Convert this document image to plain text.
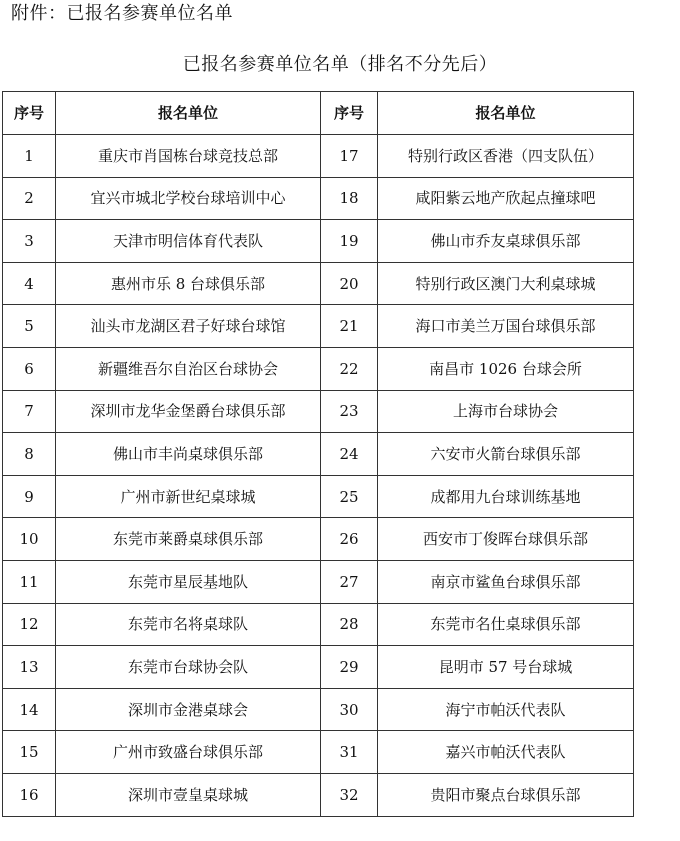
附件：已报名参赛单位名单
已报名参赛单位名单（排名不分先后）
序号	报名单位	序号	报名单位
1	重庆市肖国栋台球竞技总部	17	特别行政区香港（四支队伍）
2	宜兴市城北学校台球培训中心	18	咸阳紫云地产欣起点撞球吧
3	天津市明信体育代表队	19	佛山市乔友桌球俱乐部
4	惠州市乐 8 台球俱乐部	20	特别行政区澳门大利桌球城
5	汕头市龙湖区君子好球台球馆	21	海口市美兰万国台球俱乐部
6	新疆维吾尔自治区台球协会	22	南昌市 1026 台球会所
7	深圳市龙华金堡爵台球俱乐部	23	上海市台球协会
8	佛山市丰尚桌球俱乐部	24	六安市火箭台球俱乐部
9	广州市新世纪桌球城	25	成都用九台球训练基地
10	东莞市莱爵桌球俱乐部	26	西安市丁俊晖台球俱乐部
11	东莞市星辰基地队	27	南京市鲨鱼台球俱乐部
12	东莞市名将桌球队	28	东莞市名仕桌球俱乐部
13	东莞市台球协会队	29	昆明市 57 号台球城
14	深圳市金港桌球会	30	海宁市帕沃代表队
15	广州市致盛台球俱乐部	31	嘉兴市帕沃代表队
16	深圳市壹皇桌球城	32	贵阳市聚点台球俱乐部
